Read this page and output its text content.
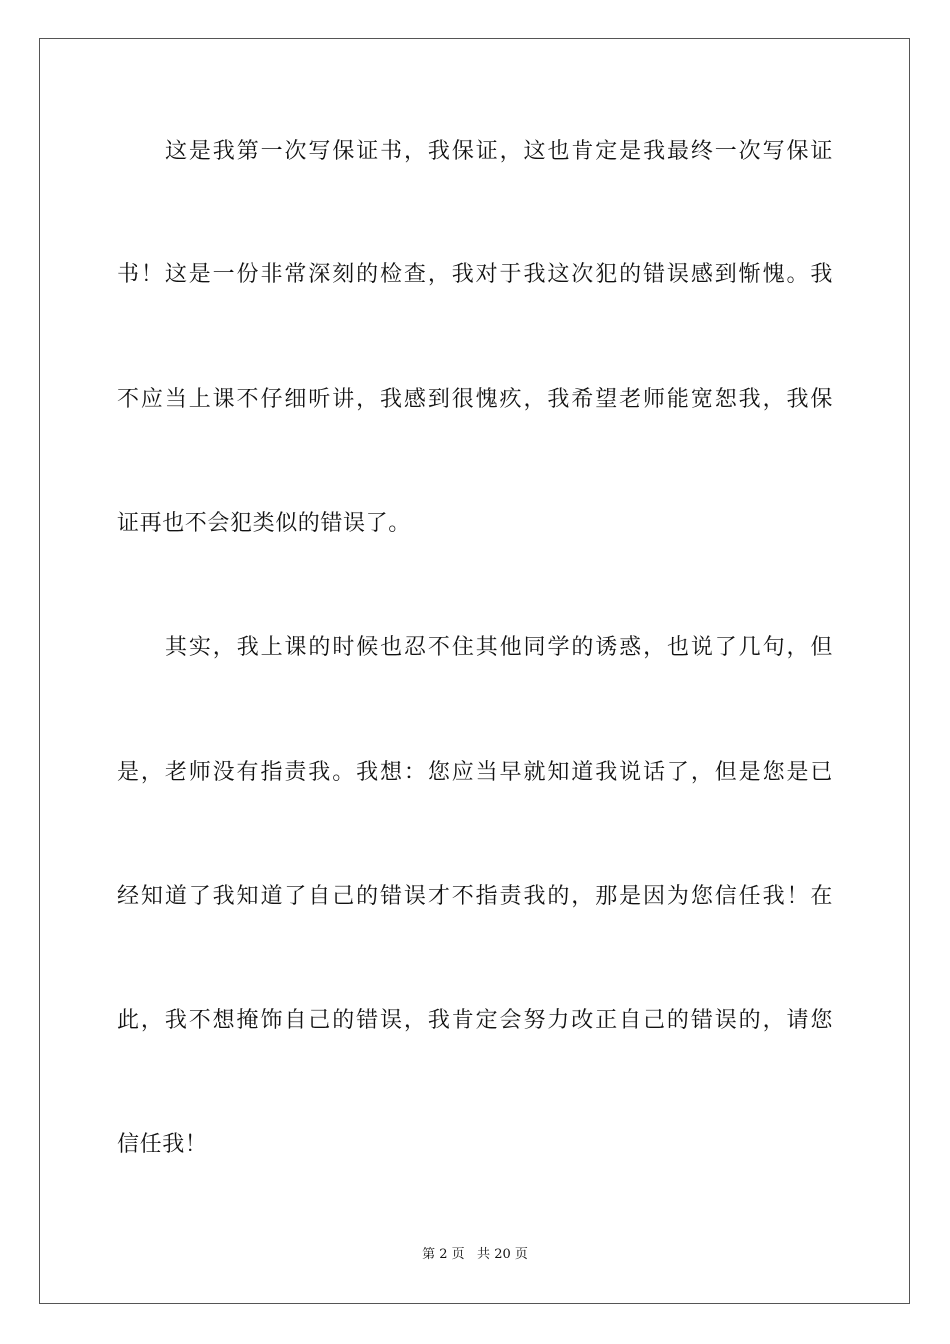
这是我第一次写保证书，我保证，这也肯定是我最终一次写保证
书！这是一份非常深刻的检查，我对于我这次犯的错误感到惭愧。我
不应当上课不仔细听讲，我感到很愧疚，我希望老师能宽恕我，我保
证再也不会犯类似的错误了。
其实，我上课的时候也忍不住其他同学的诱惑，也说了几句，但
是，老师没有指责我。我想：您应当早就知道我说话了，但是您是已
经知道了我知道了自己的错误才不指责我的，那是因为您信任我！在
此，我不想掩饰自己的错误，我肯定会努力改正自己的错误的，请您
信任我！
第 2 页   共 20 页
